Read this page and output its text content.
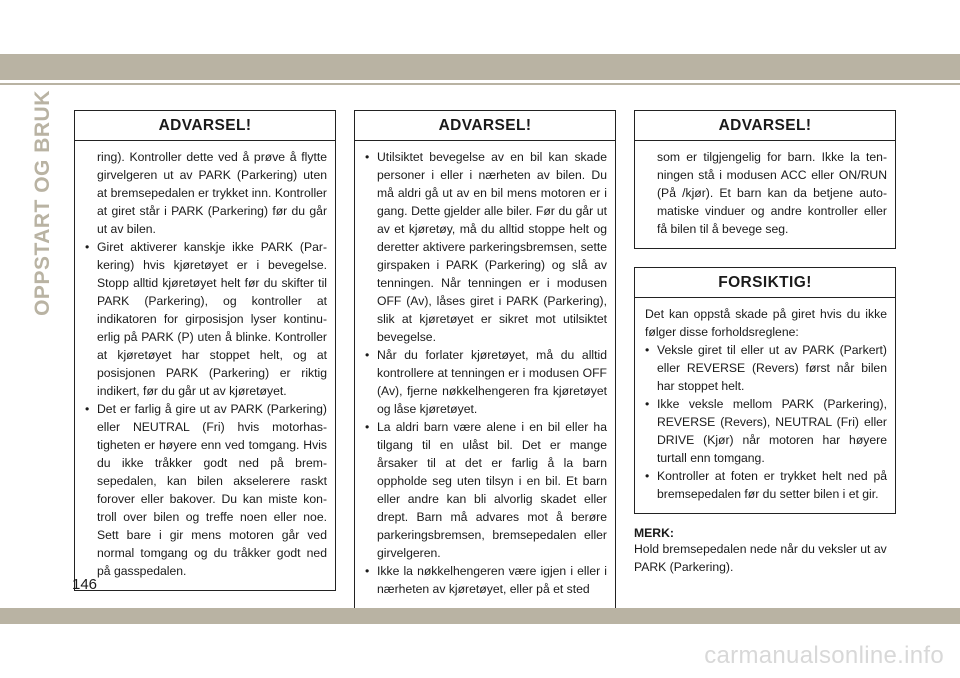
OPPSTART OG BRUK	ADVARSEL!

ring). Kontroller dette ved å prøve å flytte girvelgeren ut av PARK (Parkering) uten at bremsepedalen er trykket inn. Kontroller at giret står i PARK (Parkering) før du går ut av bilen.

• Giret aktiverer kanskje ikke PARK (Parkering) hvis kjøretøyet er i bevegelse. Stopp alltid kjøretøyet helt før du skifter til PARK (Parkering), og kontroller at indikatoren for girposisjon lyser kontinuerlig på PARK (P) uten å blinke. Kontroller at kjøretøyet har stoppet helt, og at posisjonen PARK (Parkering) er riktig indikert, før du går ut av kjøretøyet.
• Det er farlig å gire ut av PARK (Parkering) eller NEUTRAL (Fri) hvis motorhastigheten er høyere enn ved tomgang. Hvis du ikke tråkker godt ned på bremsepedalen, kan bilen akselerere raskt forover eller bakover. Du kan miste kontroll over bilen og treffe noen eller noe. Sett bare i gir mens motoren går ved normal tomgang og du tråkker godt ned på gasspedalen.
ADVARSEL!
• Utilsiktet bevegelse av en bil kan skade personer i eller i nærheten av bilen. Du må aldri gå ut av en bil mens motoren er i gang. Dette gjelder alle biler. Før du går ut av et kjøretøy, må du alltid stoppe helt og deretter aktivere parkeringsbremsen, sette girspaken i PARK (Parkering) og slå av tenningen. Når tenningen er i modusen OFF (Av), låses giret i PARK (Parkering), slik at kjøretøyet er sikret mot utilsiktet bevegelse.
• Når du forlater kjøretøyet, må du alltid kontrollere at tenningen er i modusen OFF (Av), fjerne nøkkelhengeren fra kjøretøyet og låse kjøretøyet.
• La aldri barn være alene i en bil eller ha tilgang til en ulåst bil. Det er mange årsaker til at det er farlig å la barn oppholde seg uten tilsyn i en bil. Et barn eller andre kan bli alvorlig skadet eller drept. Barn må advares mot å berøre parkeringsbremsen, bremsepedalen eller girvelgeren.
• Ikke la nøkkelhengeren være igjen i eller i nærheten av kjøretøyet, eller på et sted
ADVARSEL!

som er tilgjengelig for barn. Ikke la tenningen stå i modusen ACC eller ON/RUN (På /kjør). Et barn kan da betjene automatiske vinduer og andre kontroller eller få bilen til å bevege seg.

FORSIKTIG!

Det kan oppstå skade på giret hvis du ikke følger disse forholdsreglene:

• Veksle giret til eller ut av PARK (Parkert) eller REVERSE (Revers) først når bilen har stoppet helt.
• Ikke veksle mellom PARK (Parkering), REVERSE (Revers), NEUTRAL (Fri) eller DRIVE (Kjør) når motoren har høyere turtall enn tomgang.
• Kontroller at foten er trykket helt ned på bremsepedalen før du setter bilen i et gir.
MERK:
Hold bremsepedalen nede når du veksler ut av PARK (Parkering).
146
carmanualsonline.info
